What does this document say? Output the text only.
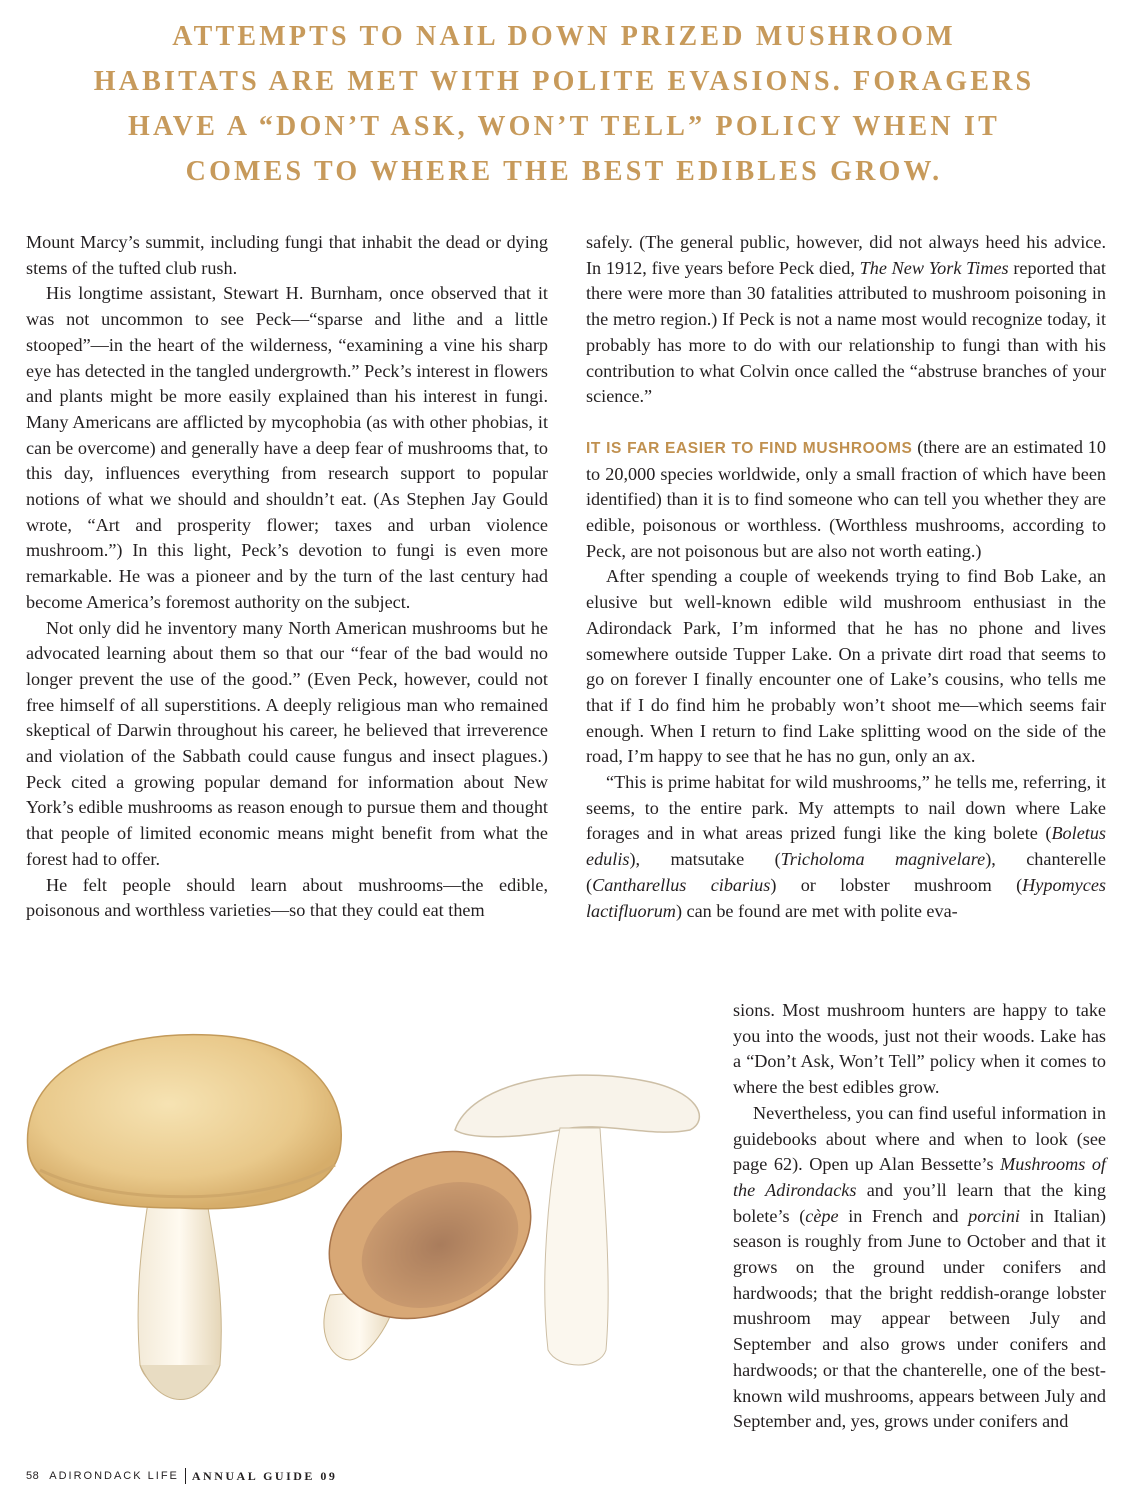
ATTEMPTS TO NAIL DOWN PRIZED MUSHROOM
HABITATS ARE MET WITH POLITE EVASIONS. FORAGERS
HAVE A “DON’T ASK, WON’T TELL” POLICY WHEN IT
COMES TO WHERE THE BEST EDIBLES GROW.

Mount Marcy’s summit, including fungi that inhabit the dead or dying stems of the tufted club rush.

His longtime assistant, Stewart H. Burnham, once observed that it was not uncommon to see Peck—“sparse and lithe and a little stooped”—in the heart of the wilderness, “examining a vine his sharp eye has detected in the tangled undergrowth.” Peck’s interest in flowers and plants might be more easily explained than his interest in fungi. Many Americans are afflicted by mycophobia (as with other phobias, it can be overcome) and generally have a deep fear of mushrooms that, to this day, influences everything from research support to popular notions of what we should and shouldn’t eat. (As Stephen Jay Gould wrote, “Art and prosperity flower; taxes and urban violence mushroom.”) In this light, Peck’s devotion to fungi is even more remarkable. He was a pioneer and by the turn of the last century had become America’s foremost authority on the subject.

Not only did he inventory many North American mushrooms but he advocated learning about them so that our “fear of the bad would no longer prevent the use of the good.” (Even Peck, however, could not free himself of all superstitions. A deeply religious man who remained skeptical of Darwin throughout his career, he believed that irreverence and violation of the Sabbath could cause fungus and insect plagues.) Peck cited a growing popular demand for information about New York’s edible mushrooms as reason enough to pursue them and thought that people of limited economic means might benefit from what the forest had to offer.

He felt people should learn about mushrooms—the edible, poisonous and worthless varieties—so that they could eat them

safely. (The general public, however, did not always heed his advice. In 1912, five years before Peck died, The New York Times reported that there were more than 30 fatalities attributed to mushroom poisoning in the metro region.) If Peck is not a name most would recognize today, it probably has more to do with our relationship to fungi than with his contribution to what Colvin once called the “abstruse branches of your science.”

IT IS FAR EASIER TO FIND MUSHROOMS (there are an estimated 10 to 20,000 species worldwide, only a small fraction of which have been identified) than it is to find someone who can tell you whether they are edible, poisonous or worthless. (Worthless mushrooms, according to Peck, are not poisonous but are also not worth eating.)

After spending a couple of weekends trying to find Bob Lake, an elusive but well-known edible wild mushroom enthusiast in the Adirondack Park, I’m informed that he has no phone and lives somewhere outside Tupper Lake. On a private dirt road that seems to go on forever I finally encounter one of Lake’s cousins, who tells me that if I do find him he probably won’t shoot me—which seems fair enough. When I return to find Lake splitting wood on the side of the road, I’m happy to see that he has no gun, only an ax.

“This is prime habitat for wild mushrooms,” he tells me, referring, it seems, to the entire park. My attempts to nail down where Lake forages and in what areas prized fungi like the king bolete (Boletus edulis), matsutake (Tricholoma magnivelare), chanterelle (Cantharellus cibarius) or lobster mushroom (Hypomyces lactifluorum) can be found are met with polite eva-

sions. Most mushroom hunters are happy to take you into the woods, just not their woods. Lake has a “Don’t Ask, Won’t Tell” policy when it comes to where the best edibles grow.

Nevertheless, you can find useful information in guidebooks about where and when to look (see page 62). Open up Alan Bessette’s Mushrooms of the Adirondacks and you’ll learn that the king bolete’s (cèpe in French and porcini in Italian) season is roughly from June to October and that it grows on the ground under conifers and hardwoods; that the bright reddish-orange lobster mushroom may appear between July and September and also grows under conifers and hardwoods; or that the chanterelle, one of the best-known wild mushrooms, appears between July and September and, yes, grows under conifers and

58 ADIRONDACK LIFE ANNUAL GUIDE 09
